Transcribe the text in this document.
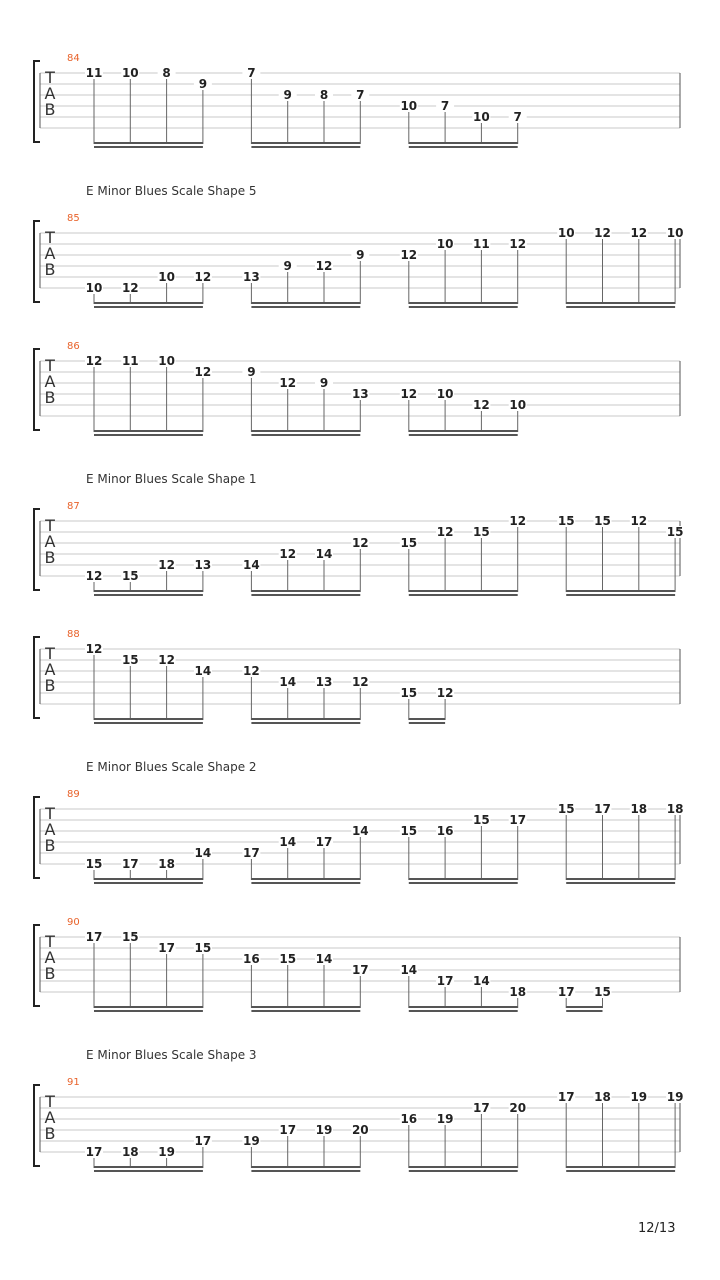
84
T
A
B
11 10 8
9
7
9 8 7
10 7
10 7
E Minor Blues Scale Shape 5
85
T
A
B
10 12
10 12	13
9 12
9	12
10 11 12
10 12 12 10
86
T
A
B
12 11 10
12	9
12 9
13	12 10
12 10
E Minor Blues Scale Shape 1
87
T
A
B
12 15
12 13	14
12 14
12	15
12 15
12	15 15 12
15
88
T
A
B
12
15 12
14	12
14 13 12
15 12
E Minor Blues Scale Shape 2
89
T
A
B
15 17 18
14	17
14 17
14	15 16
15 17
15 17 18 18
90
T
A
B
17 15
17 15
16 15 14
17	14
17 14
18	17 15
E Minor Blues Scale Shape 3
91
T
A
B
17 18 19
17	19
17 19 20
16 19
17 20
17 18 19 19
12/13
